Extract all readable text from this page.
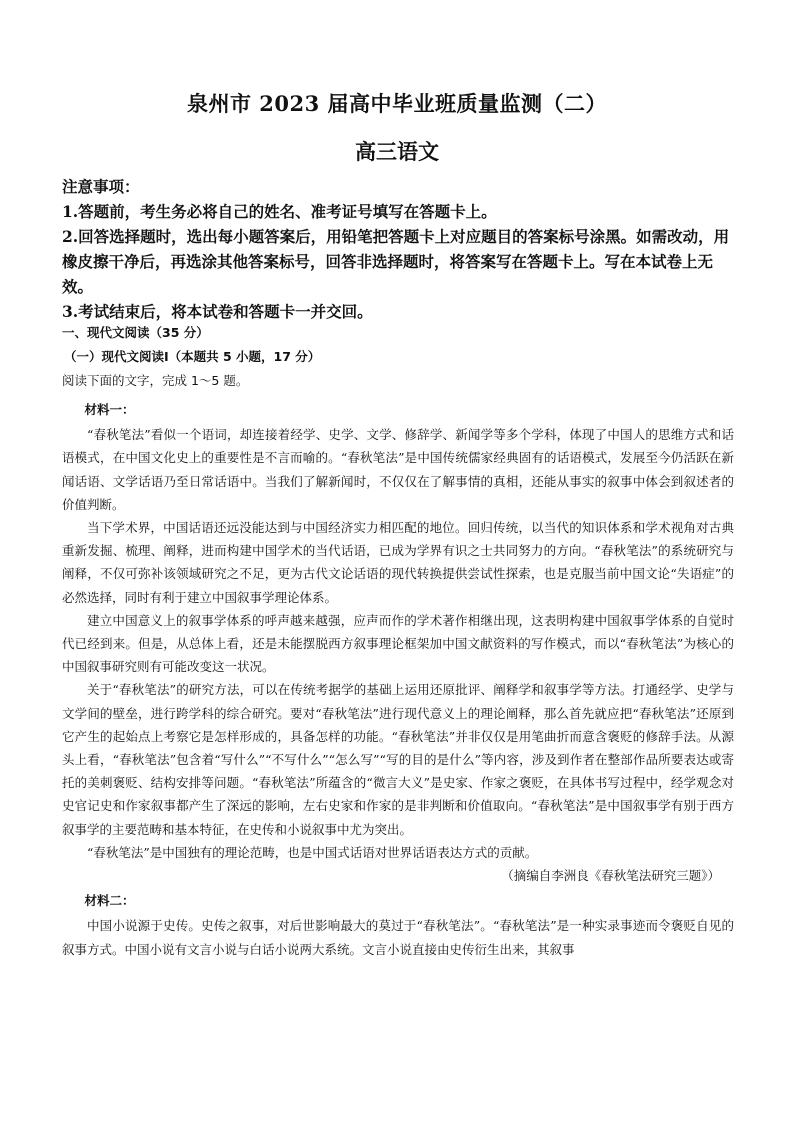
泉州市 2023 届高中毕业班质量监测（二）
高三语文

注意事项：

1.答题前，考生务必将自己的姓名、准考证号填写在答题卡上。

2.回答选择题时，选出每小题答案后，用铅笔把答题卡上对应题目的答案标号涂黑。如需改动，用橡皮擦干净后，再选涂其他答案标号，回答非选择题时，将答案写在答题卡上。写在本试卷上无效。

3.考试结束后，将本试卷和答题卡一并交回。

一、现代文阅读（35 分）

（一）现代文阅读Ⅰ（本题共 5 小题，17 分）

阅读下面的文字，完成 1～5 题。

材料一：

“春秋笔法”看似一个语词，却连接着经学、史学、文学、修辞学、新闻学等多个学科，体现了中国人的思维方式和话语模式，在中国文化史上的重要性是不言而喻的。“春秋笔法”是中国传统儒家经典固有的话语模式，发展至今仍活跃在新闻话语、文学话语乃至日常话语中。当我们了解新闻时，不仅仅在了解事情的真相，还能从事实的叙事中体会到叙述者的价值判断。

当下学术界，中国话语还远没能达到与中国经济实力相匹配的地位。回归传统，以当代的知识体系和学术视角对古典重新发掘、梳理、阐释，进而构建中国学术的当代话语，已成为学界有识之士共同努力的方向。“春秋笔法”的系统研究与阐释，不仅可弥补该领域研究之不足，更为古代文论话语的现代转换提供尝试性探索，也是克服当前中国文论“失语症”的必然选择，同时有利于建立中国叙事学理论体系。

建立中国意义上的叙事学体系的呼声越来越强，应声而作的学术著作相继出现，这表明构建中国叙事学体系的自觉时代已经到来。但是，从总体上看，还是未能摆脱西方叙事理论框架加中国文献资料的写作模式，而以“春秋笔法”为核心的中国叙事研究则有可能改变这一状况。

关于“春秋笔法”的研究方法，可以在传统考据学的基础上运用还原批评、阐释学和叙事学等方法。打通经学、史学与文学间的壁垒，进行跨学科的综合研究。要对“春秋笔法”进行现代意义上的理论阐释，那么首先就应把“春秋笔法”还原到它产生的起始点上考察它是怎样形成的，具备怎样的功能。“春秋笔法”并非仅仅是用笔曲折而意含褒贬的修辞手法。从源头上看，“春秋笔法”包含着“写什么”“不写什么”“怎么写”“写的目的是什么”等内容，涉及到作者在整部作品所要表达或寄托的美刺褒贬、结构安排等问题。“春秋笔法”所蕴含的“微言大义”是史家、作家之褒贬，在具体书写过程中，经学观念对史官记史和作家叙事都产生了深远的影响，左右史家和作家的是非判断和价值取向。“春秋笔法”是中国叙事学有别于西方叙事学的主要范畴和基本特征，在史传和小说叙事中尤为突出。

“春秋笔法”是中国独有的理论范畴，也是中国式话语对世界话语表达方式的贡献。

（摘编自李洲良《春秋笔法研究三题》）

材料二：

中国小说源于史传。史传之叙事，对后世影响最大的莫过于“春秋笔法”。“春秋笔法”是一种实录事迹而令褒贬自见的叙事方式。中国小说有文言小说与白话小说两大系统。文言小说直接由史传衍生出来，其叙事
